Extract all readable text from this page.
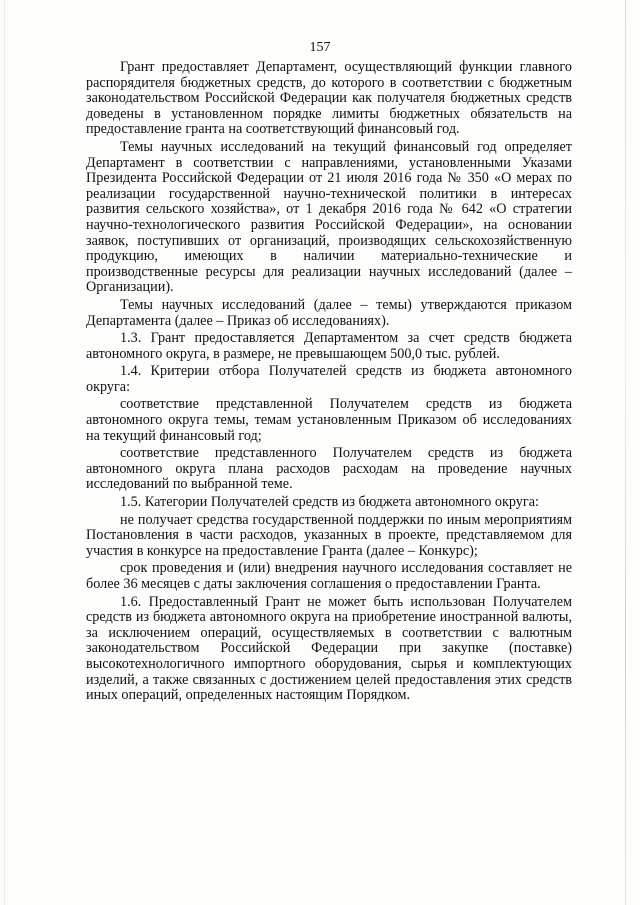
157

Грант предоставляет Департамент, осуществляющий функции главного распорядителя бюджетных средств, до которого в соответствии с бюджетным законодательством Российской Федерации как получателя бюджетных средств доведены в установленном порядке лимиты бюджетных обязательств на предоставление гранта на соответствующий финансовый год.

Темы научных исследований на текущий финансовый год определяет Департамент в соответствии с направлениями, установленными Указами Президента Российской Федерации от 21 июля 2016 года № 350 «О мерах по реализации государственной научно-технической политики в интересах развития сельского хозяйства», от 1 декабря 2016 года № 642 «О стратегии научно-технологического развития Российской Федерации», на основании заявок, поступивших от организаций, производящих сельскохозяйственную продукцию, имеющих в наличии материально-технические и производственные ресурсы для реализации научных исследований (далее – Организации).

Темы научных исследований (далее – темы) утверждаются приказом Департамента (далее – Приказ об исследованиях).

1.3. Грант предоставляется Департаментом за счет средств бюджета автономного округа, в размере, не превышающем 500,0 тыс. рублей.

1.4. Критерии отбора Получателей средств из бюджета автономного округа:

соответствие представленной Получателем средств из бюджета автономного округа темы, темам установленным Приказом об исследованиях на текущий финансовый год;

соответствие представленного Получателем средств из бюджета автономного округа плана расходов расходам на проведение научных исследований по выбранной теме.

1.5. Категории Получателей средств из бюджета автономного округа:

не получает средства государственной поддержки по иным мероприятиям Постановления в части расходов, указанных в проекте, представляемом для участия в конкурсе на предоставление Гранта (далее – Конкурс);

срок проведения и (или) внедрения научного исследования составляет не более 36 месяцев с даты заключения соглашения о предоставлении Гранта.

1.6. Предоставленный Грант не может быть использован Получателем средств из бюджета автономного округа на приобретение иностранной валюты, за исключением операций, осуществляемых в соответствии с валютным законодательством Российской Федерации при закупке (поставке) высокотехнологичного импортного оборудования, сырья и комплектующих изделий, а также связанных с достижением целей предоставления этих средств иных операций, определенных настоящим Порядком.
